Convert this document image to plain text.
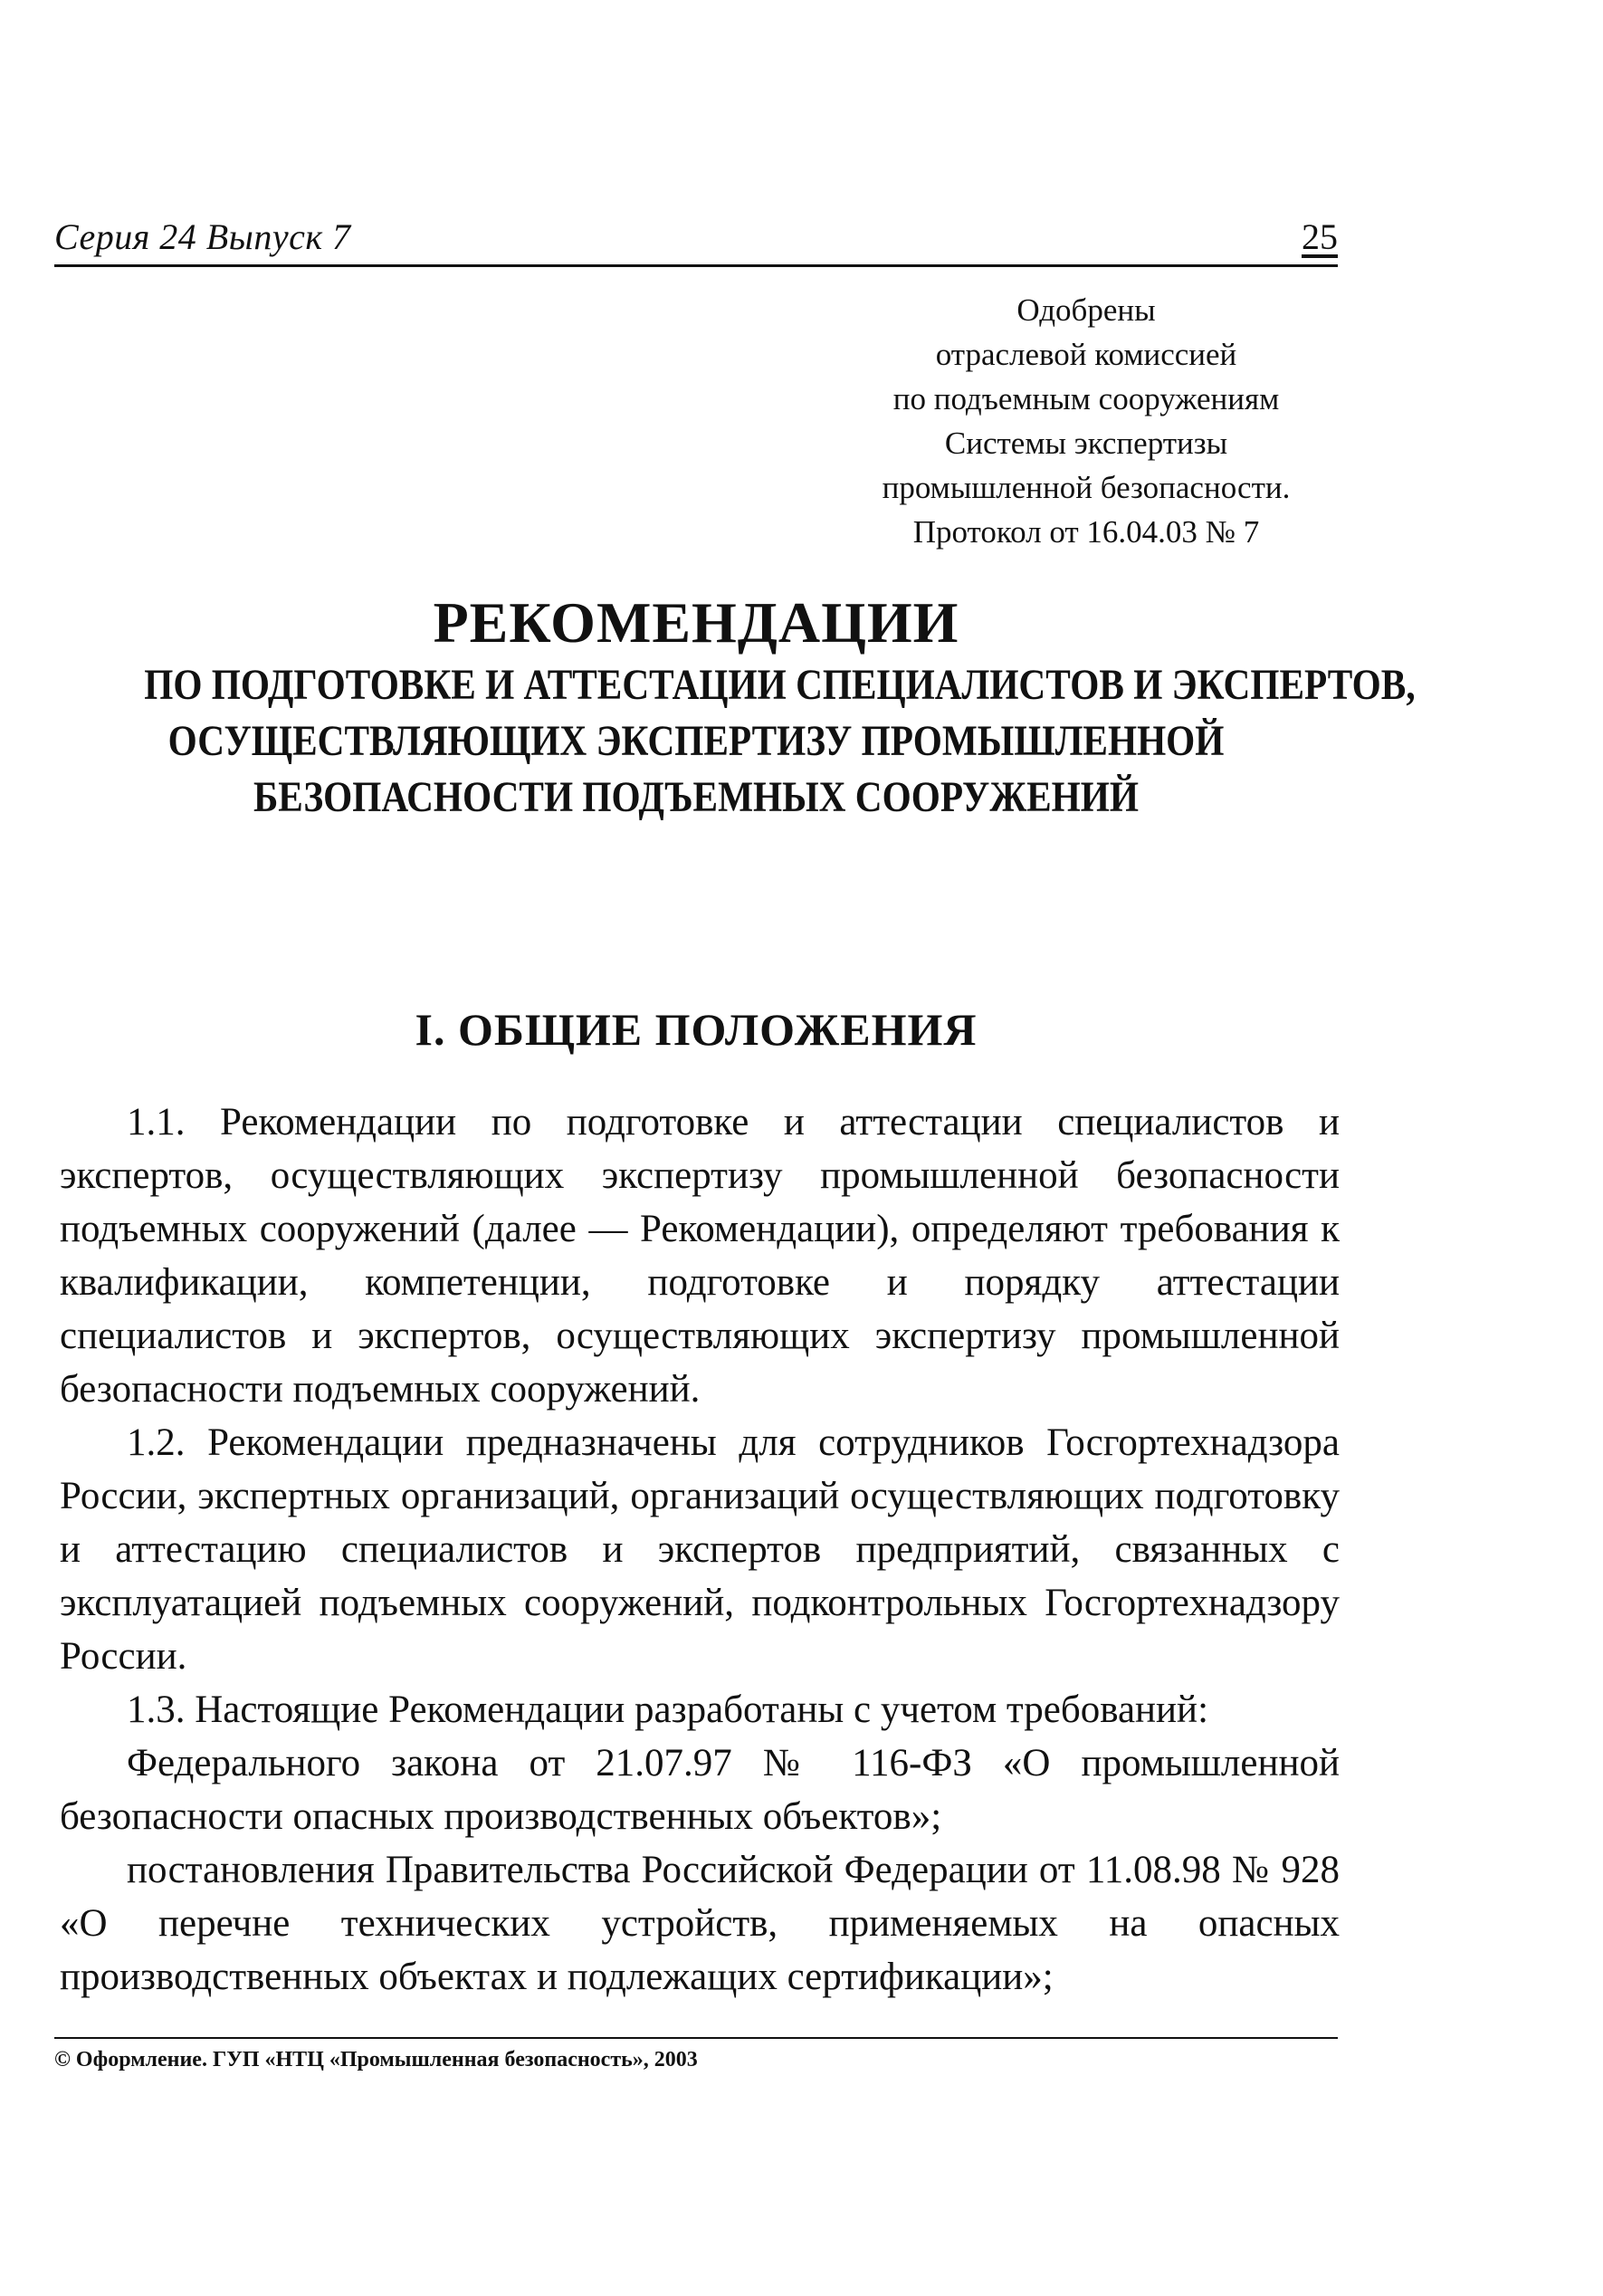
Серия 24 Выпуск 7	25
Одобрены
отраслевой комиссией
по подъемным сооружениям
Системы экспертизы
промышленной безопасности.
Протокол от 16.04.03 № 7
РЕКОМЕНДАЦИИ
ПО ПОДГОТОВКЕ И АТТЕСТАЦИИ СПЕЦИАЛИСТОВ И ЭКСПЕРТОВ,
ОСУЩЕСТВЛЯЮЩИХ ЭКСПЕРТИЗУ ПРОМЫШЛЕННОЙ
БЕЗОПАСНОСТИ ПОДЪЕМНЫХ СООРУЖЕНИЙ
I. ОБЩИЕ ПОЛОЖЕНИЯ

1.1. Рекомендации по подготовке и аттестации специалистов и экспертов, осуществляющих экспертизу промышленной безопасности подъемных сооружений (далее — Рекомендации), определяют требования к квалификации, компетенции, подготовке и порядку аттестации специалистов и экспертов, осуществляющих экспертизу промышленной безопасности подъемных сооружений.

1.2. Рекомендации предназначены для сотрудников Госгортехнадзора России, экспертных организаций, организаций осуществляющих подготовку и аттестацию специалистов и экспертов предприятий, связанных с эксплуатацией подъемных сооружений, подконтрольных Госгортехнадзору России.

1.3. Настоящие Рекомендации разработаны с учетом требований:

Федерального закона от 21.07.97 № 116-ФЗ «О промышленной безопасности опасных производственных объектов»;

постановления Правительства Российской Федерации от 11.08.98 № 928 «О перечне технических устройств, применяемых на опасных производственных объектах и подлежащих сертификации»;

© Оформление. ГУП «НТЦ «Промышленная безопасность», 2003
